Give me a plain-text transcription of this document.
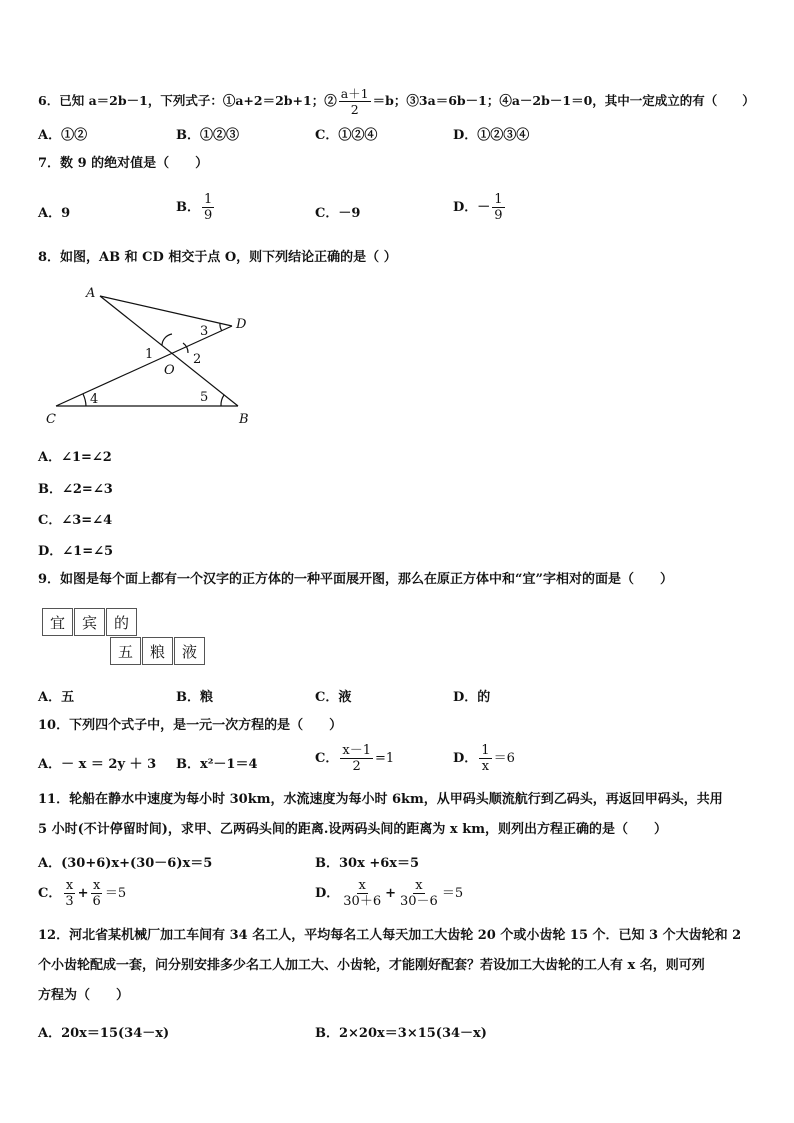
6．已知 a＝2b－1，下列式子：①a+2＝2b+1；② $\frac{a+1}{2} =b$；③3a＝6b－1；④a－2b－1＝0，其中一定成立的有（　　）
A．①②	B．①②③	C．①②④	D．①②③④
7．数 9 的绝对值是（　　）
A．9	B． $\frac{1}{9}$	C．－9	D．－ $\frac{1}{9}$
8．如图，AB 和 CD 相交于点 O，则下列结论正确的是（ ）
A
D
C	B
O
1	2
3
4	5
A．∠1=∠2
B．∠2=∠3
C．∠3=∠4
D．∠1=∠5
9．如图是每个面上都有一个汉字的正方体的一种平面展开图，那么在原正方体中和“宜”字相对的面是（　　）
宜	宾	的
五	粮	液
A．五	B．粮	C．液	D．的
10．下列四个式子中，是一元一次方程的是（　　）
A．－ x ＝ 2y ＋ 3 B．x²－1＝4	C． $\frac{x-1}{2} =1$	D． $\frac{1}{x} =6$
11．轮船在静水中速度为每小时 30km，水流速度为每小时 6km，从甲码头顺流航行到乙码头，再返回甲码头，共用
5 小时(不计停留时间)，求甲、乙两码头间的距离.设两码头间的距离为 x km，则列出方程正确的是（　　）
A．(30+6)x+(30－6)x＝5	B．30x +6x＝5
C． $\frac{x}{3} + \frac{x}{6} =5$	D． $\frac{x}{30+6} + \frac{x}{30-6} =5$
12．河北省某机械厂加工车间有 34 名工人，平均每名工人每天加工大齿轮 20 个或小齿轮 15 个．已知 3 个大齿轮和 2
个小齿轮配成一套，问分别安排多少名工人加工大、小齿轮，才能刚好配套？若设加工大齿轮的工人有 x 名，则可列
方程为（　　）
A．20x＝15(34－x)	B．2×20x＝3×15(34－x)
